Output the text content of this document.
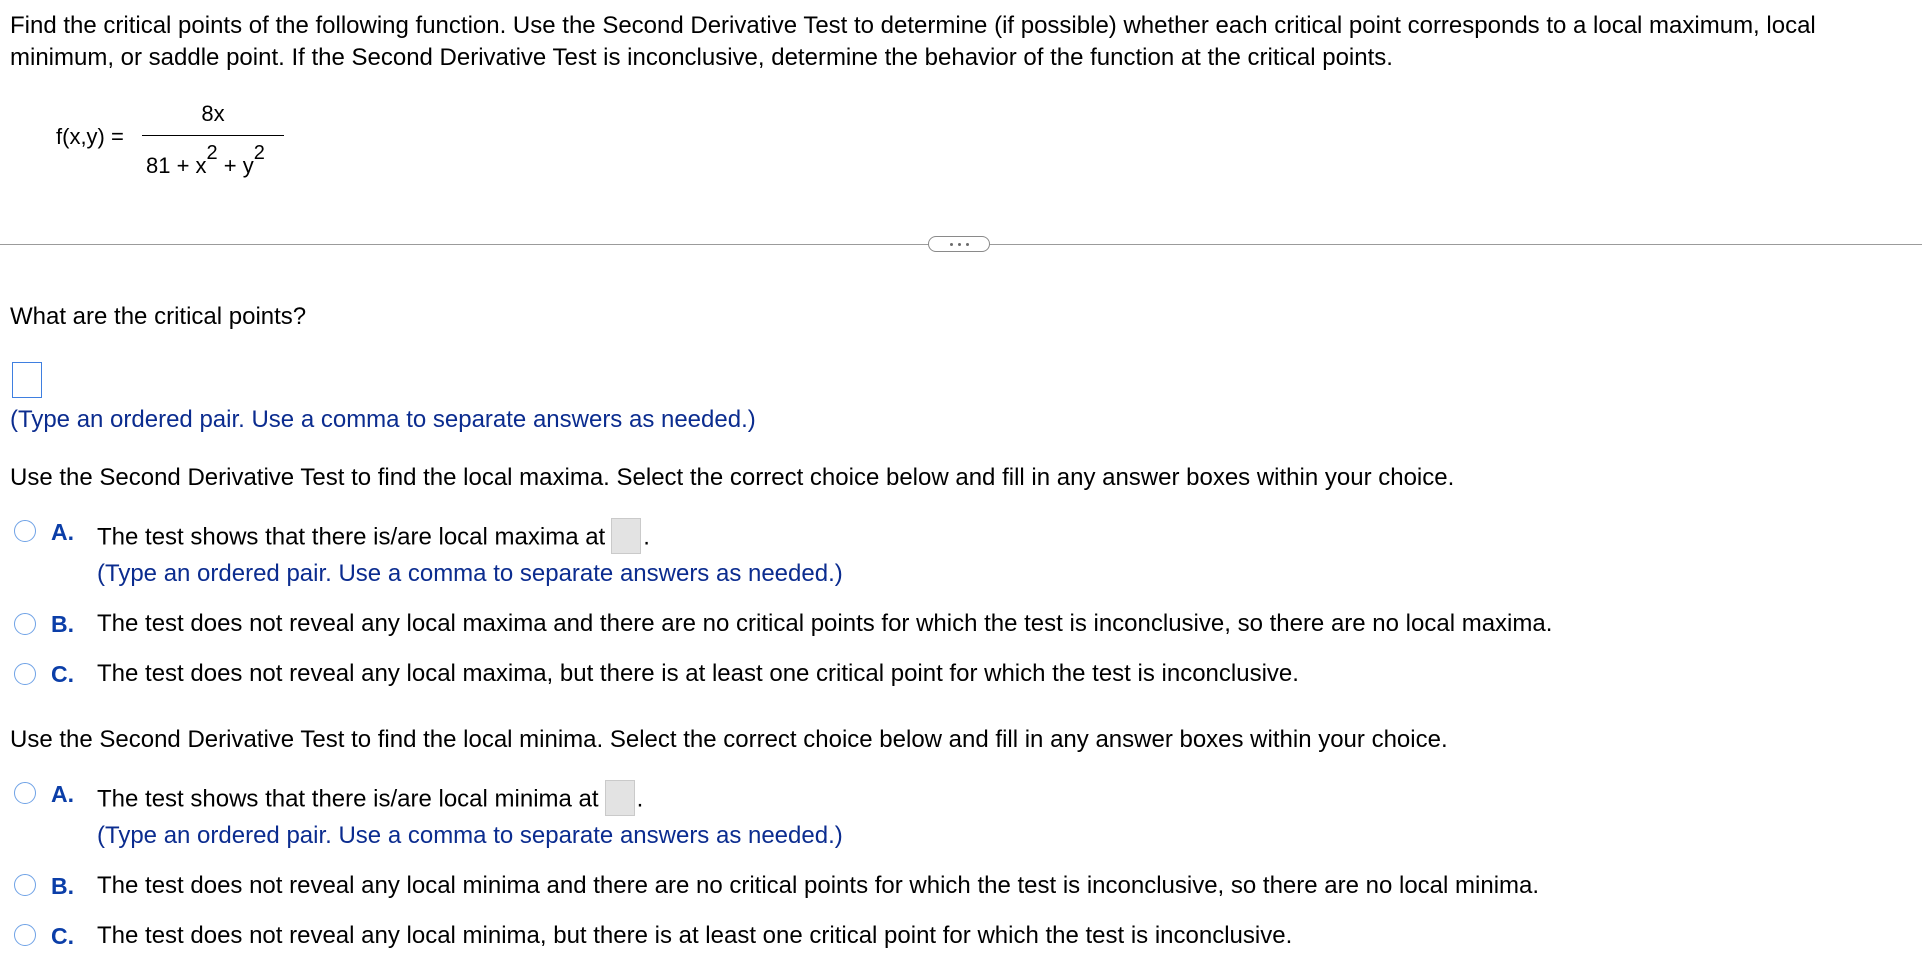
Find the critical points of the following function. Use the Second Derivative Test to determine (if possible) whether each critical point corresponds to a local maximum, local minimum, or saddle point. If the Second Derivative Test is inconclusive, determine the behavior of the function at the critical points.
f(x,y) =
8x
81 + x2 + y2
What are the critical points?
(Type an ordered pair. Use a comma to separate answers as needed.)
Use the Second Derivative Test to find the local maxima. Select the correct choice below and fill in any answer boxes within your choice.
A. The test shows that there is/are local maxima at .
(Type an ordered pair. Use a comma to separate answers as needed.)
B. The test does not reveal any local maxima and there are no critical points for which the test is inconclusive, so there are no local maxima.
C. The test does not reveal any local maxima, but there is at least one critical point for which the test is inconclusive.
Use the Second Derivative Test to find the local minima. Select the correct choice below and fill in any answer boxes within your choice.
A. The test shows that there is/are local minima at .
(Type an ordered pair. Use a comma to separate answers as needed.)
B. The test does not reveal any local minima and there are no critical points for which the test is inconclusive, so there are no local minima.
C. The test does not reveal any local minima, but there is at least one critical point for which the test is inconclusive.
